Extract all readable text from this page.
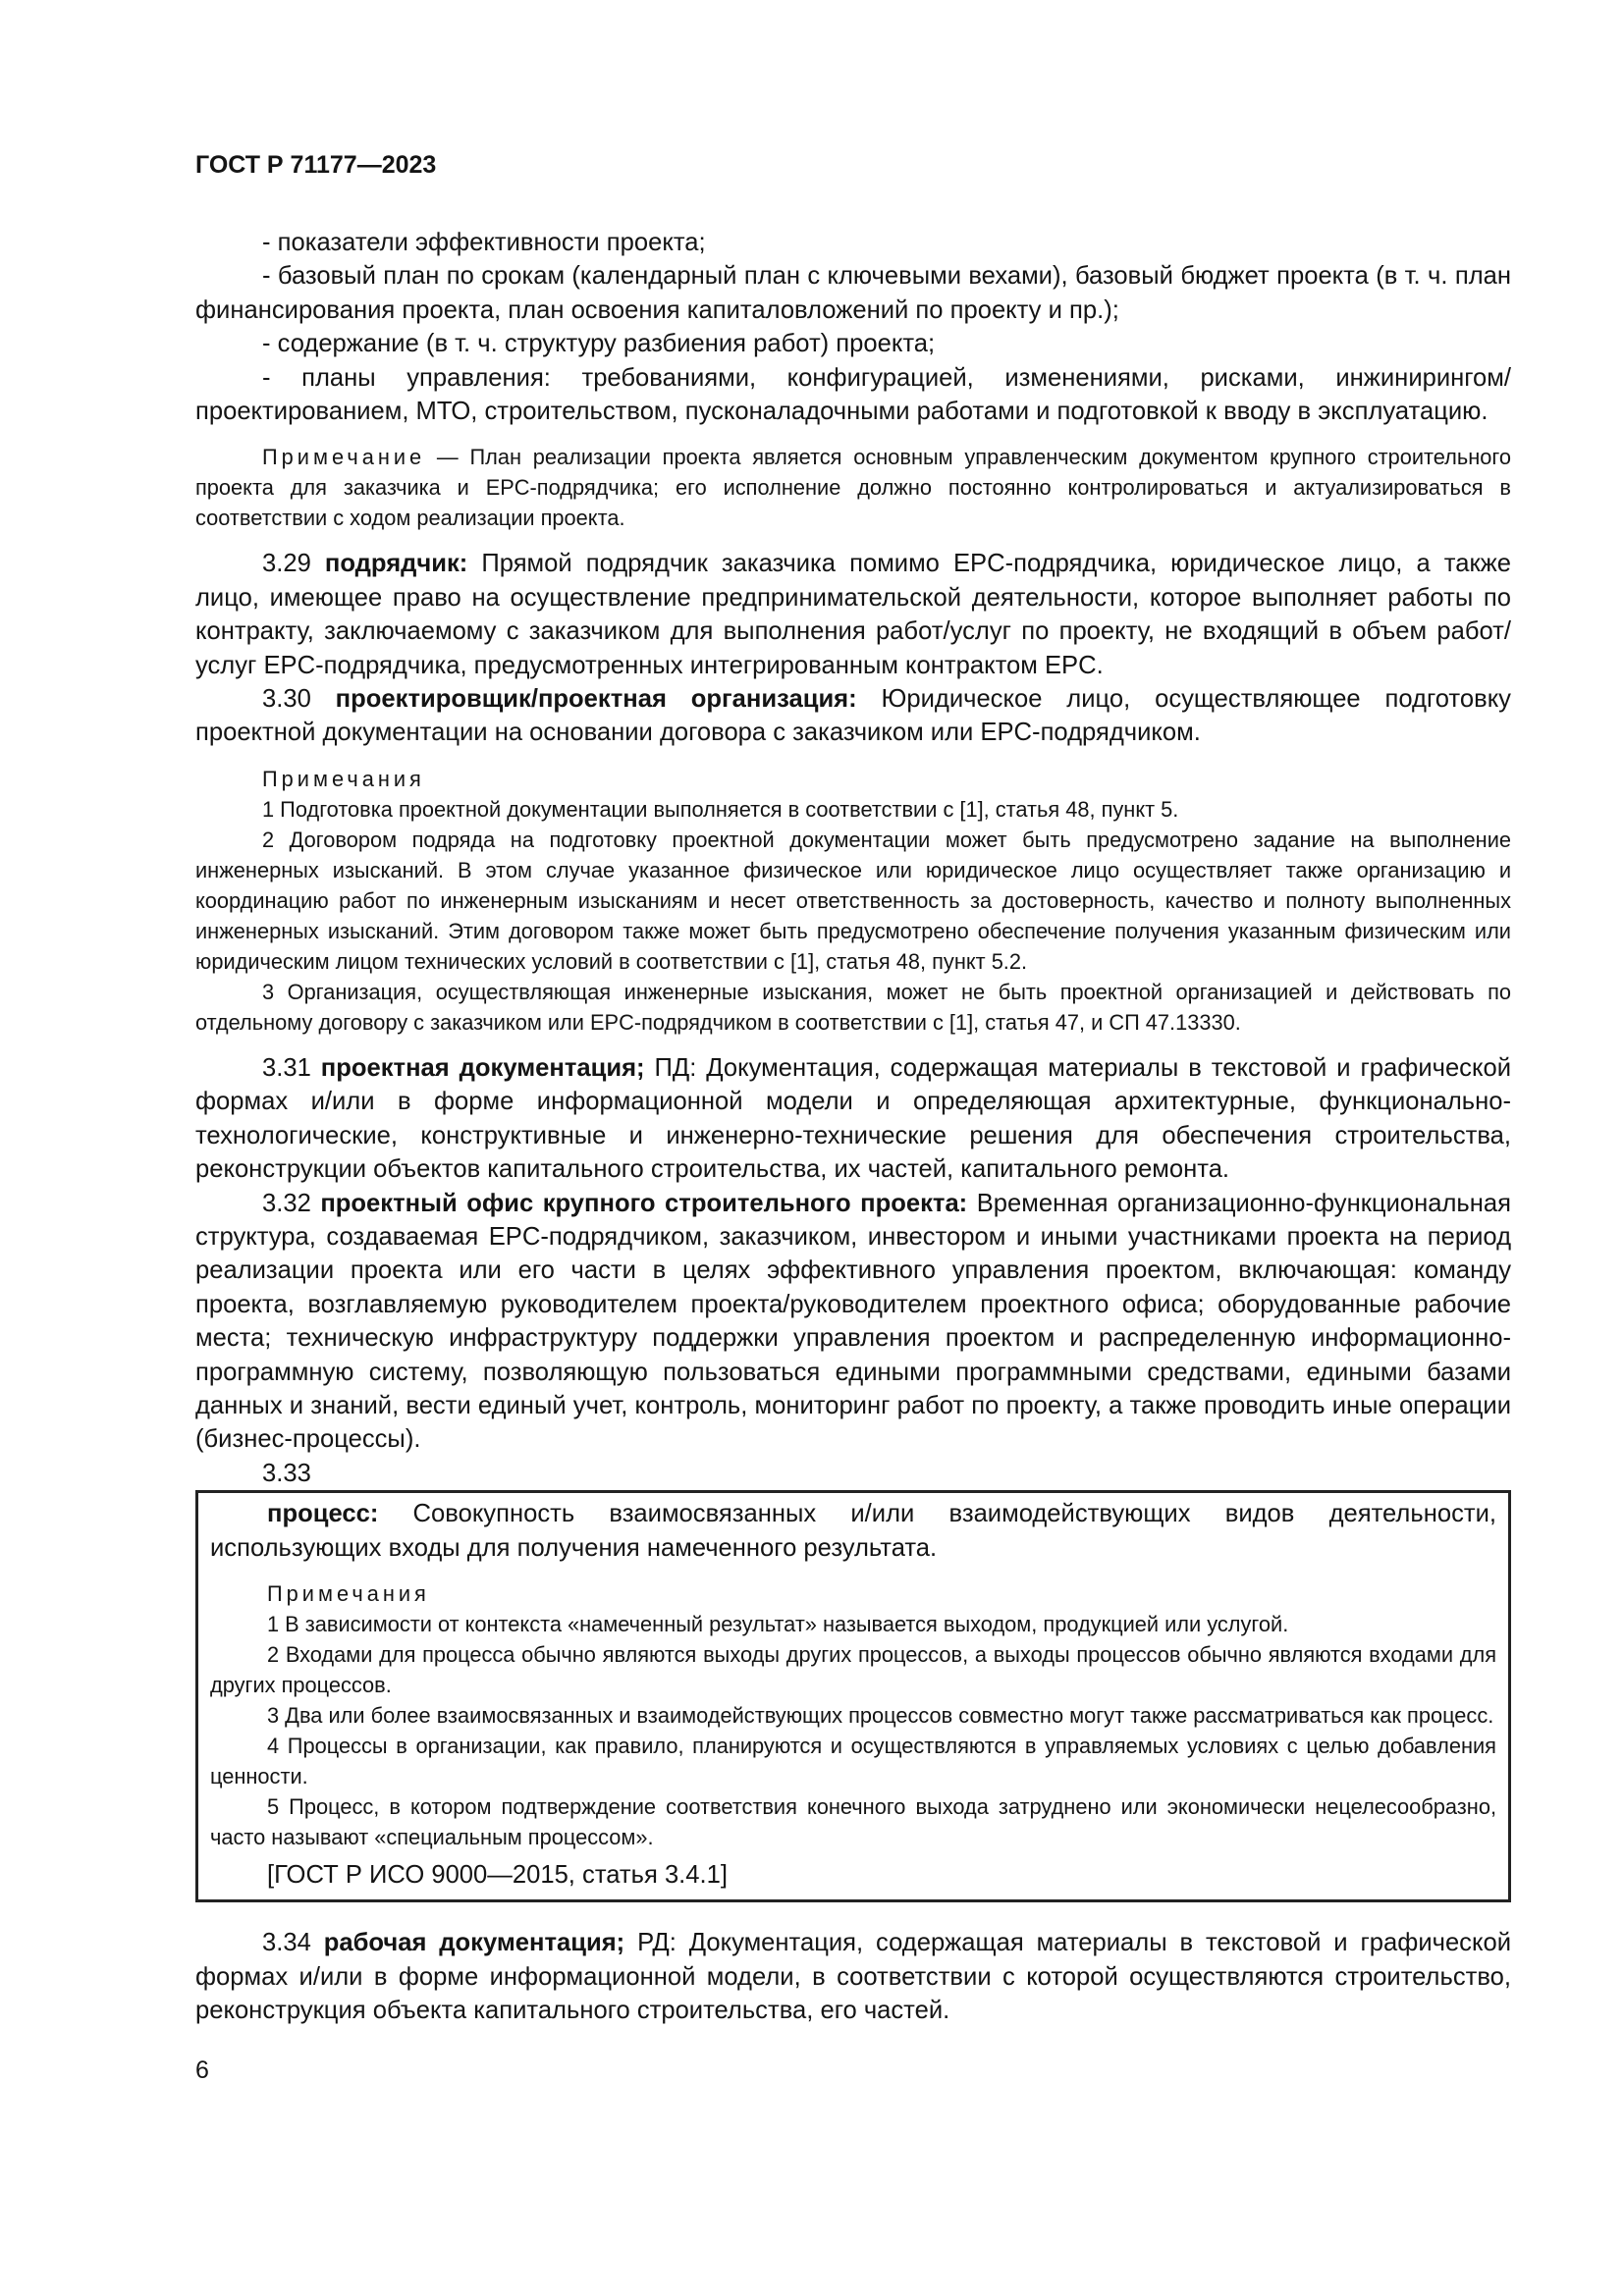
ГОСТ Р 71177—2023

- показатели эффективности проекта;

- базовый план по срокам (календарный план с ключевыми вехами), базовый бюджет проекта (в т. ч. план финансирования проекта, план освоения капиталовложений по проекту и пр.);

- содержание (в т. ч. структуру разбиения работ) проекта;

- планы управления: требованиями, конфигурацией, изменениями, рисками, инжинирингом/проектированием, МТО, строительством, пусконаладочными работами и подготовкой к вводу в эксплуатацию.

Примечание — План реализации проекта является основным управленческим документом крупного строительного проекта для заказчика и EPC-подрядчика; его исполнение должно постоянно контролироваться и актуализироваться в соответствии с ходом реализации проекта.

3.29 подрядчик: Прямой подрядчик заказчика помимо EPC-подрядчика, юридическое лицо, а также лицо, имеющее право на осуществление предпринимательской деятельности, которое выполняет работы по контракту, заключаемому с заказчиком для выполнения работ/услуг по проекту, не входящий в объем работ/услуг EPC-подрядчика, предусмотренных интегрированным контрактом EPC.

3.30 проектировщик/проектная организация: Юридическое лицо, осуществляющее подготовку проектной документации на основании договора с заказчиком или EPC-подрядчиком.

Примечания

1 Подготовка проектной документации выполняется в соответствии с [1], статья 48, пункт 5.

2 Договором подряда на подготовку проектной документации может быть предусмотрено задание на выполнение инженерных изысканий. В этом случае указанное физическое или юридическое лицо осуществляет также организацию и координацию работ по инженерным изысканиям и несет ответственность за достоверность, качество и полноту выполненных инженерных изысканий. Этим договором также может быть предусмотрено обеспечение получения указанным физическим или юридическим лицом технических условий в соответствии с [1], статья 48, пункт 5.2.

3 Организация, осуществляющая инженерные изыскания, может не быть проектной организацией и действовать по отдельному договору с заказчиком или EPC-подрядчиком в соответствии с [1], статья 47, и СП 47.13330.

3.31 проектная документация; ПД: Документация, содержащая материалы в текстовой и графической формах и/или в форме информационной модели и определяющая архитектурные, функционально-технологические, конструктивные и инженерно-технические решения для обеспечения строительства, реконструкции объектов капитального строительства, их частей, капитального ремонта.

3.32 проектный офис крупного строительного проекта: Временная организационно-функциональная структура, создаваемая EPC-подрядчиком, заказчиком, инвестором и иными участниками проекта на период реализации проекта или его части в целях эффективного управления проектом, включающая: команду проекта, возглавляемую руководителем проекта/руководителем проектного офиса; оборудованные рабочие места; техническую инфраструктуру поддержки управления проектом и распределенную информационно-программную систему, позволяющую пользоваться едиными программными средствами, едиными базами данных и знаний, вести единый учет, контроль, мониторинг работ по проекту, а также проводить иные операции (бизнес-процессы).

3.33

процесс: Совокупность взаимосвязанных и/или взаимодействующих видов деятельности, использующих входы для получения намеченного результата.

Примечания

1 В зависимости от контекста «намеченный результат» называется выходом, продукцией или услугой.

2 Входами для процесса обычно являются выходы других процессов, а выходы процессов обычно являются входами для других процессов.

3 Два или более взаимосвязанных и взаимодействующих процессов совместно могут также рассматриваться как процесс.

4 Процессы в организации, как правило, планируются и осуществляются в управляемых условиях с целью добавления ценности.

5 Процесс, в котором подтверждение соответствия конечного выхода затруднено или экономически нецелесообразно, часто называют «специальным процессом».

[ГОСТ Р ИСО 9000—2015, статья 3.4.1]

3.34 рабочая документация; РД: Документация, содержащая материалы в текстовой и графической формах и/или в форме информационной модели, в соответствии с которой осуществляются строительство, реконструкция объекта капитального строительства, его частей.

6
